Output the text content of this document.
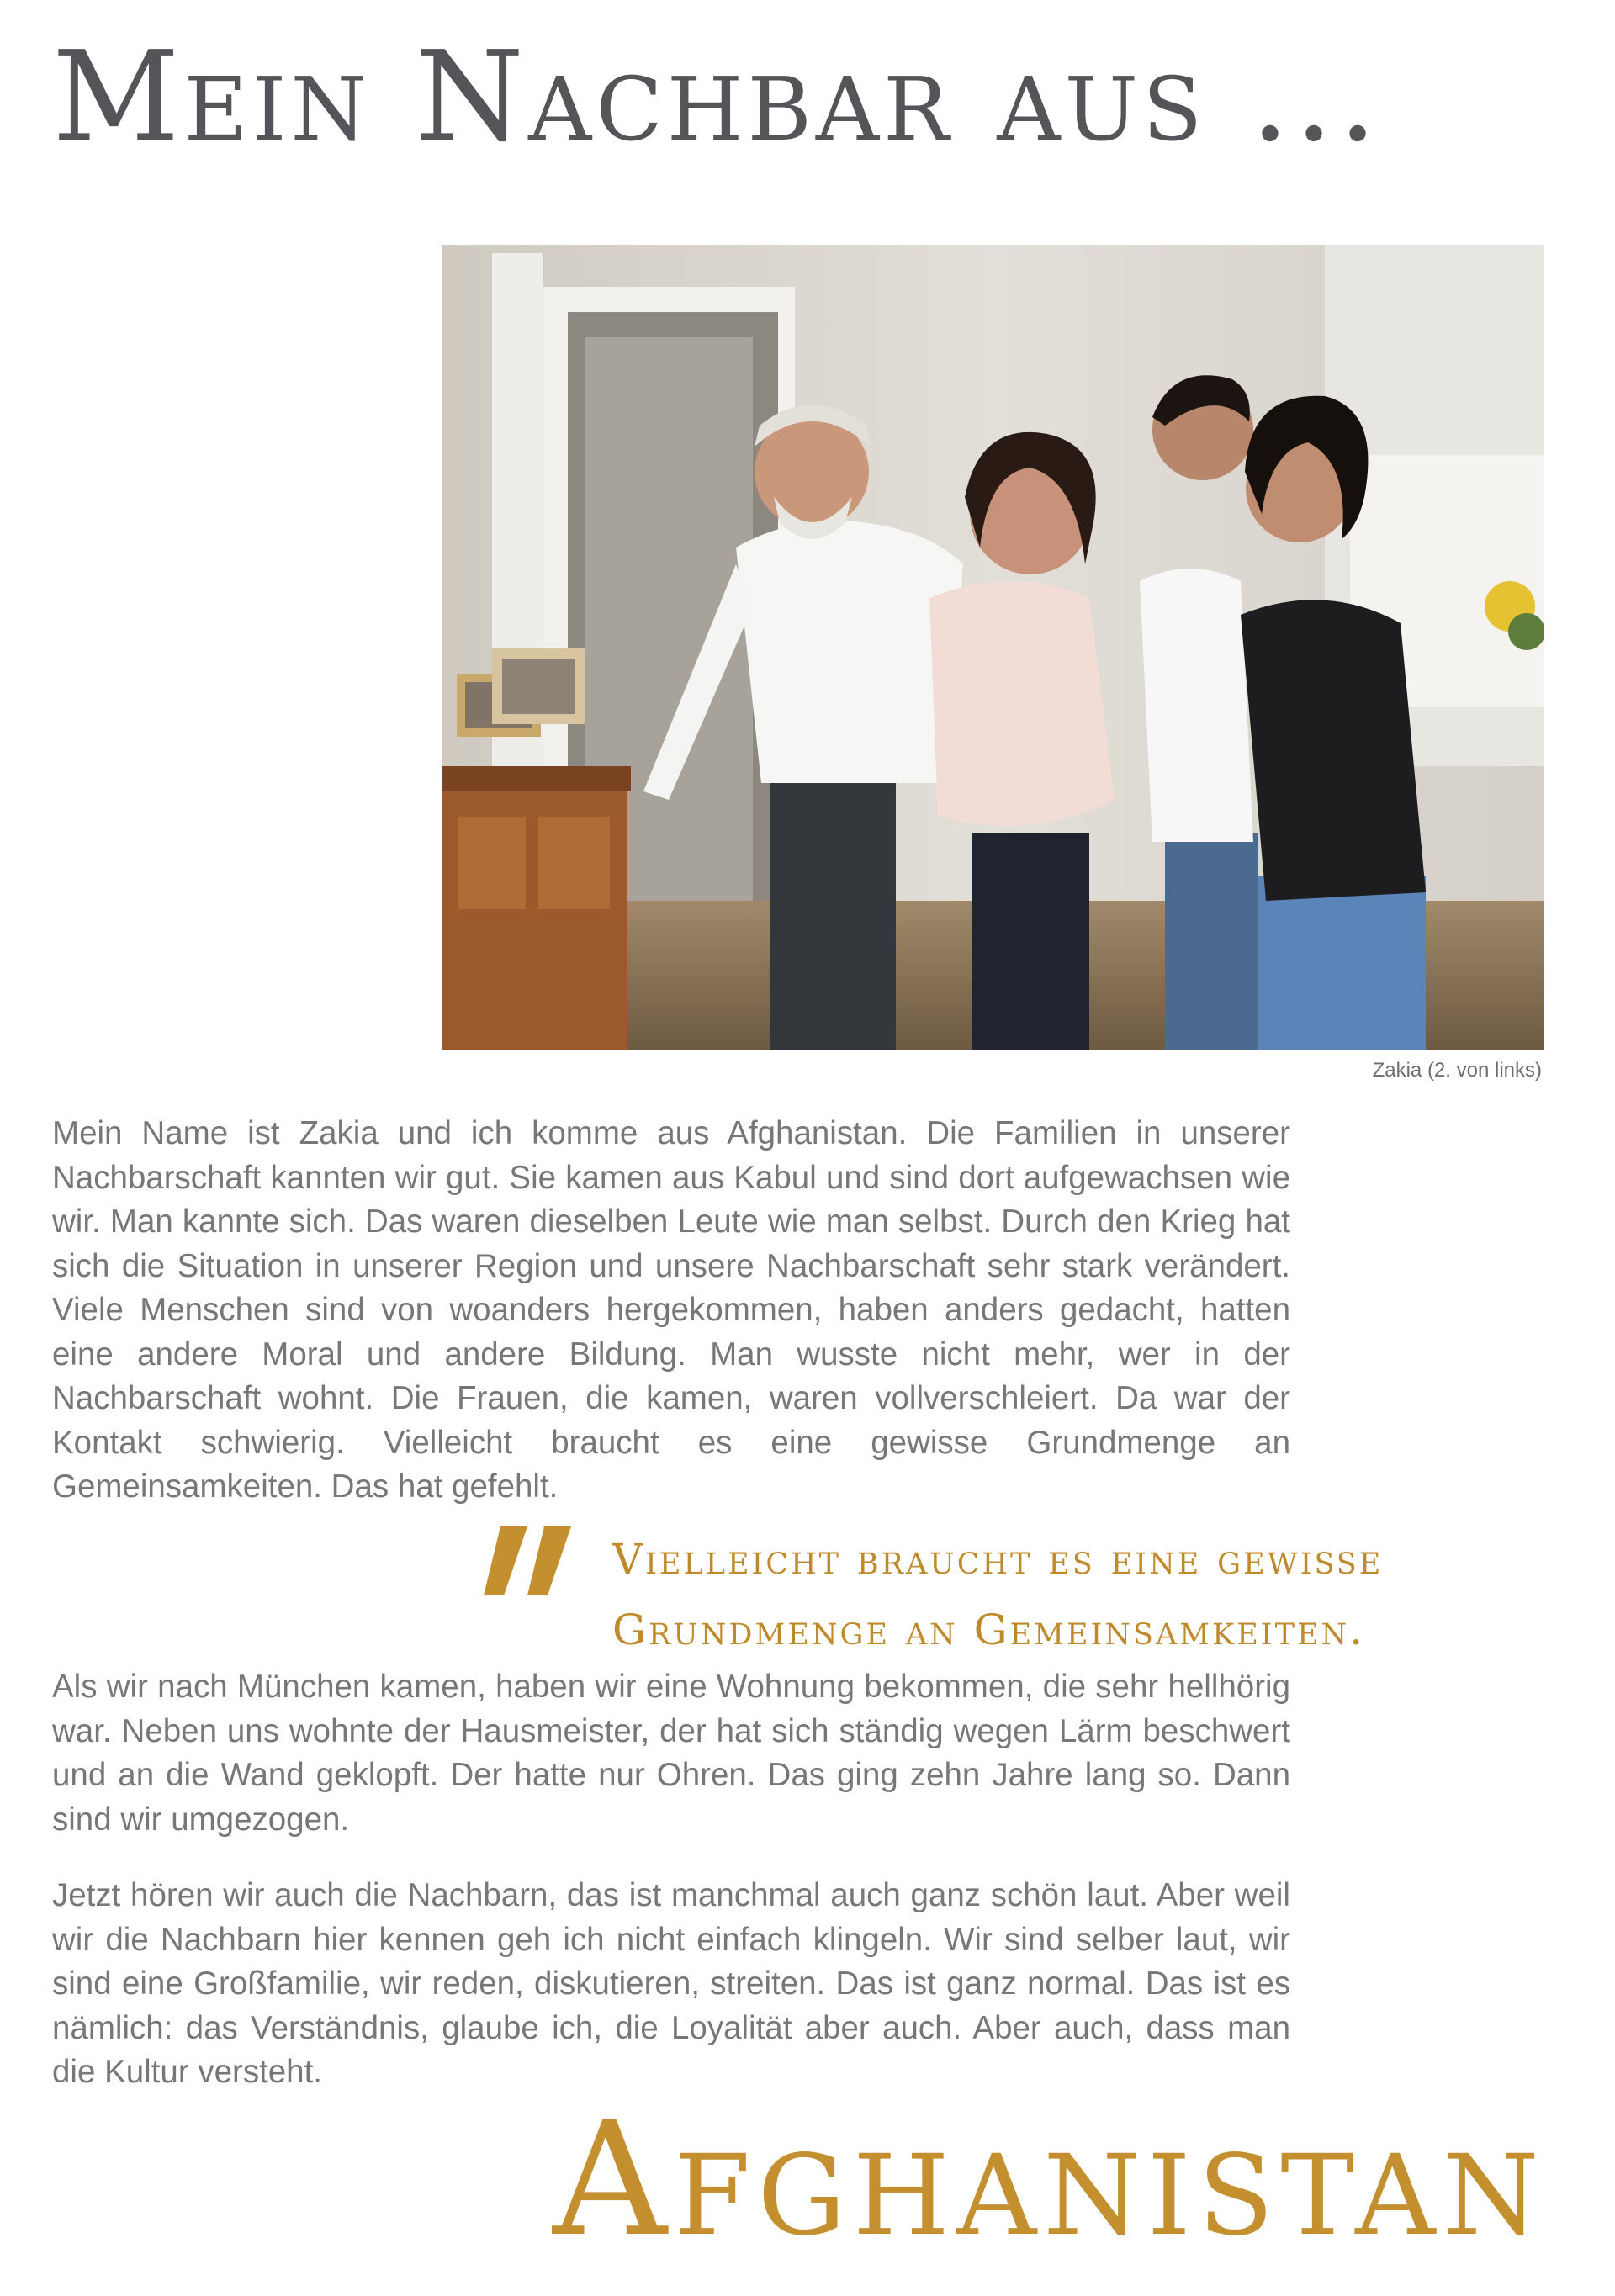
Mein Nachbar aus ...
Zakia (2. von links)

Mein Name ist Zakia und ich komme aus Afghanistan. Die Familien in unserer Nachbarschaft kannten wir gut. Sie kamen aus Kabul und sind dort aufgewachsen wie wir. Man kannte sich. Das waren dieselben Leute wie man selbst. Durch den Krieg hat sich die Situation in unserer Region und unsere Nachbarschaft sehr stark verändert. Viele Menschen sind von woanders hergekommen, haben anders gedacht, hatten eine andere Moral und andere Bildung. Man wusste nicht mehr, wer in der Nachbarschaft wohnt. Die Frauen, die kamen, waren vollverschleiert. Da war der Kontakt schwierig. Vielleicht braucht es eine gewisse Grundmenge an Gemeinsamkeiten. Das hat gefehlt.

Vielleicht braucht es eine gewisse
Grundmenge an Gemeinsamkeiten.

Als wir nach München kamen, haben wir eine Wohnung bekommen, die sehr hellhörig war. Neben uns wohnte der Hausmeister, der hat sich ständig wegen Lärm beschwert und an die Wand geklopft. Der hatte nur Ohren. Das ging zehn Jahre lang so. Dann sind wir umgezogen.

Jetzt hören wir auch die Nachbarn, das ist manchmal auch ganz schön laut. Aber weil wir die Nachbarn hier kennen geh ich nicht einfach klingeln. Wir sind selber laut, wir sind eine Großfamilie, wir reden, diskutieren, streiten. Das ist ganz normal. Das ist es nämlich: das Verständnis, glaube ich, die Loyalität aber auch. Aber auch, dass man die Kultur versteht.

Afghanistan
